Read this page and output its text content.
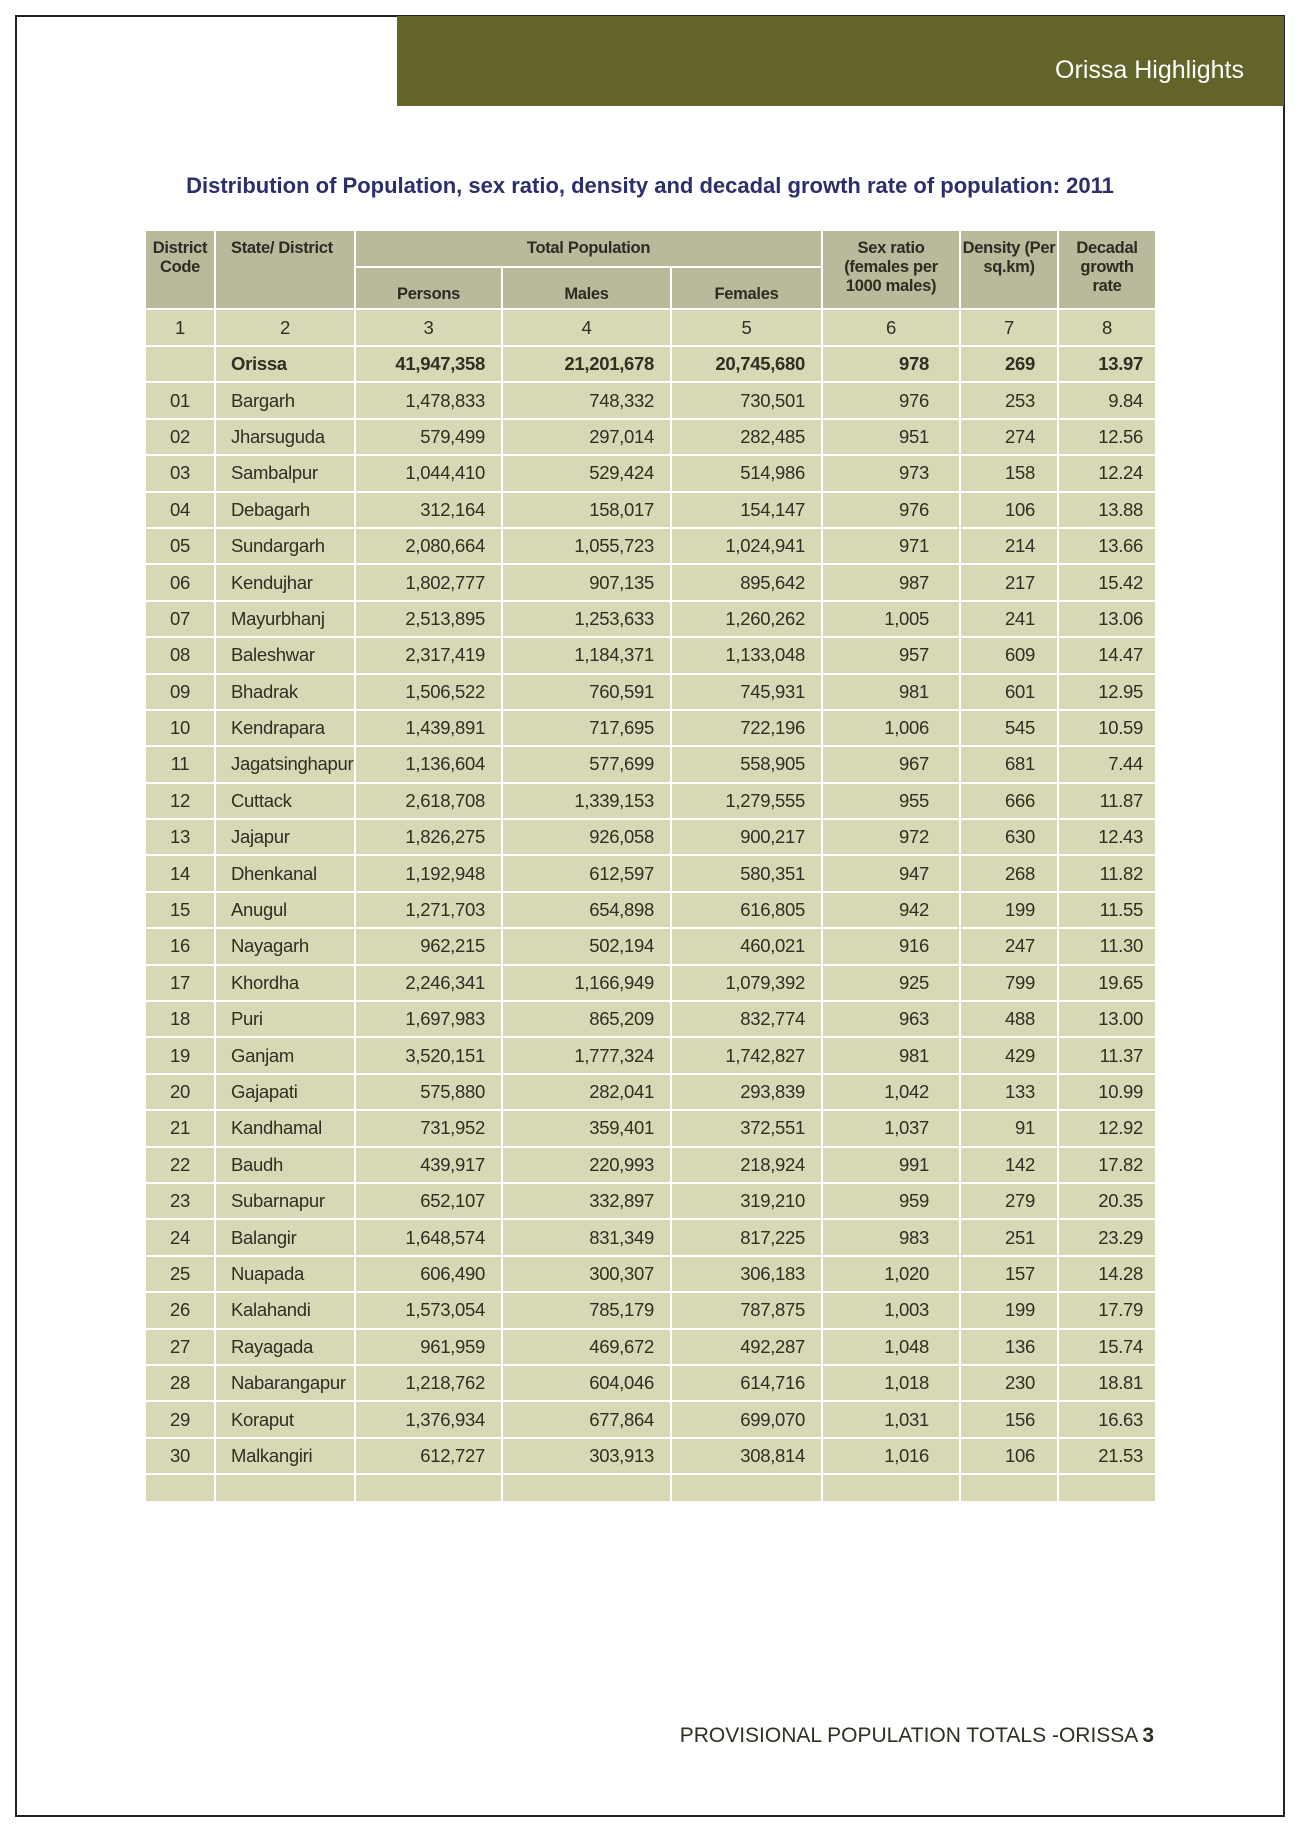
Orissa Highlights
Distribution of Population, sex ratio, density and decadal growth rate of population: 2011
District Code	State/ District	Total Population			Sex ratio (females per 1000 males)	Density (Per sq.km)	Decadal growth rate
		Persons	Males	Females			
1	2	3	4	5	6	7	8
	Orissa	41,947,358	21,201,678	20,745,680	978	269	13.97
01	Bargarh	1,478,833	748,332	730,501	976	253	9.84
02	Jharsuguda	579,499	297,014	282,485	951	274	12.56
03	Sambalpur	1,044,410	529,424	514,986	973	158	12.24
04	Debagarh	312,164	158,017	154,147	976	106	13.88
05	Sundargarh	2,080,664	1,055,723	1,024,941	971	214	13.66
06	Kendujhar	1,802,777	907,135	895,642	987	217	15.42
07	Mayurbhanj	2,513,895	1,253,633	1,260,262	1,005	241	13.06
08	Baleshwar	2,317,419	1,184,371	1,133,048	957	609	14.47
09	Bhadrak	1,506,522	760,591	745,931	981	601	12.95
10	Kendrapara	1,439,891	717,695	722,196	1,006	545	10.59
11	Jagatsinghapur	1,136,604	577,699	558,905	967	681	7.44
12	Cuttack	2,618,708	1,339,153	1,279,555	955	666	11.87
13	Jajapur	1,826,275	926,058	900,217	972	630	12.43
14	Dhenkanal	1,192,948	612,597	580,351	947	268	11.82
15	Anugul	1,271,703	654,898	616,805	942	199	11.55
16	Nayagarh	962,215	502,194	460,021	916	247	11.30
17	Khordha	2,246,341	1,166,949	1,079,392	925	799	19.65
18	Puri	1,697,983	865,209	832,774	963	488	13.00
19	Ganjam	3,520,151	1,777,324	1,742,827	981	429	11.37
20	Gajapati	575,880	282,041	293,839	1,042	133	10.99
21	Kandhamal	731,952	359,401	372,551	1,037	91	12.92
22	Baudh	439,917	220,993	218,924	991	142	17.82
23	Subarnapur	652,107	332,897	319,210	959	279	20.35
24	Balangir	1,648,574	831,349	817,225	983	251	23.29
25	Nuapada	606,490	300,307	306,183	1,020	157	14.28
26	Kalahandi	1,573,054	785,179	787,875	1,003	199	17.79
27	Rayagada	961,959	469,672	492,287	1,048	136	15.74
28	Nabarangapur	1,218,762	604,046	614,716	1,018	230	18.81
29	Koraput	1,376,934	677,864	699,070	1,031	156	16.63
30	Malkangiri	612,727	303,913	308,814	1,016	106	21.53

PROVISIONAL POPULATION TOTALS -ORISSA 3
